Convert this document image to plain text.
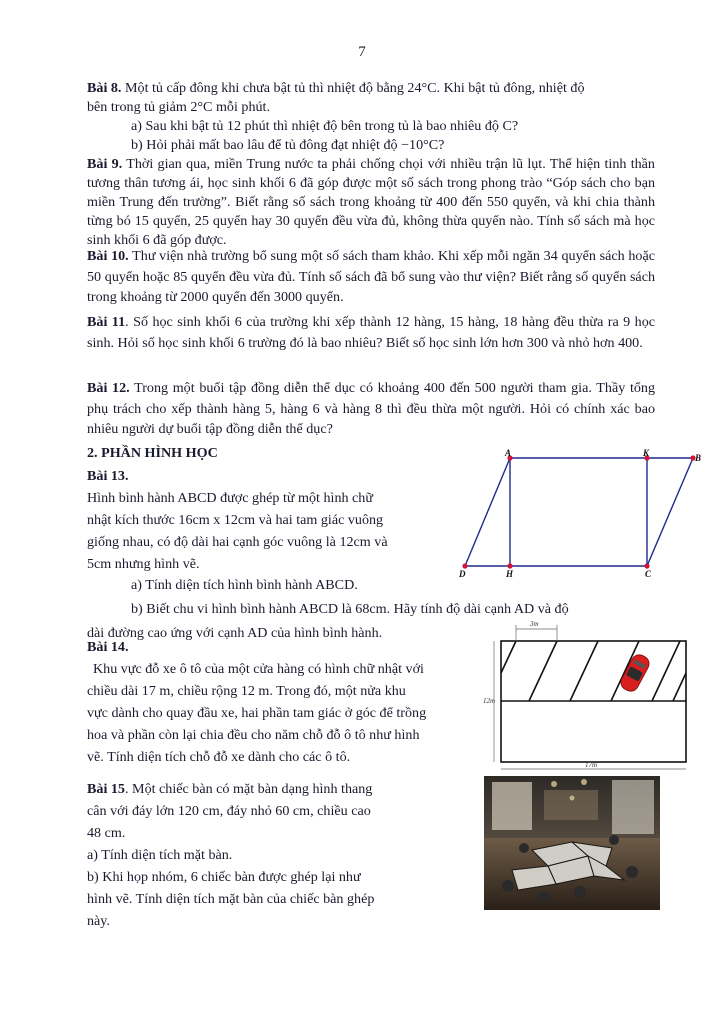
7
Bài 8. Một tủ cấp đông khi chưa bật tủ thì nhiệt độ bằng 24°C. Khi bật tủ đông, nhiệt độ
bên trong tủ giảm 2°C mỗi phút.
a) Sau khi bật tủ 12 phút thì nhiệt độ bên trong tủ là bao nhiêu độ C?
b) Hỏi phải mất bao lâu để tủ đông đạt nhiệt độ −10°C?
Bài 9. Thời gian qua, miền Trung nước ta phải chống chọi với nhiều trận lũ lụt. Thể hiện tinh thần tương thân tương ái, học sinh khối 6 đã góp được một số sách trong phong trào “Góp sách cho bạn miền Trung đến trường”. Biết rằng số sách trong khoảng từ 400 đến 550 quyển, và khi chia thành từng bó 15 quyển, 25 quyển hay 30 quyển đều vừa đủ, không thừa quyển nào. Tính số sách mà học sinh khối 6 đã góp được.
Bài 10. Thư viện nhà trường bổ sung một số sách tham khảo. Khi xếp mỗi ngăn 34 quyển sách hoặc 50 quyển hoặc 85 quyển đều vừa đủ. Tính số sách đã bổ sung vào thư viện? Biết rằng số quyển sách trong khoảng từ 2000 quyển đến 3000 quyển.
Bài 11. Số học sinh khối 6 của trường khi xếp thành 12 hàng, 15 hàng, 18 hàng đều thừa ra 9 học sinh. Hỏi số học sinh khối 6 trường đó là bao nhiêu? Biết số học sinh lớn hơn 300 và nhỏ hơn 400.
Bài 12. Trong một buổi tập đồng diễn thể dục có khoảng 400 đến 500 người tham gia. Thầy tổng phụ trách cho xếp thành hàng 5, hàng 6 và hàng 8 thì đều thừa một người. Hỏi có chính xác bao nhiêu người dự buổi tập đồng diễn thể dục?
2. PHẦN HÌNH HỌC
Bài 13.
Hình bình hành ABCD được ghép từ một hình chữ
nhật kích thước 16cm x 12cm và hai tam giác vuông
giống nhau, có độ dài hai cạnh góc vuông là 12cm và
5cm nhưng hình vẽ.
a) Tính diện tích hình bình hành ABCD.
b) Biết chu vi hình bình hành ABCD là 68cm. Hãy tính độ dài cạnh AD và độ
dài đường cao ứng với cạnh AD của hình bình hành.
A	K	B
D	H	C
Bài 14.
Khu vực đỗ xe ô tô của một cửa hàng có hình chữ nhật với
chiều dài 17 m, chiều rộng 12 m. Trong đó, một nửa khu
vực dành cho quay đầu xe, hai phần tam giác ở góc để trồng
hoa và phần còn lại chia đều cho năm chỗ đỗ ô tô như hình
vẽ. Tính diện tích chỗ đỗ xe dành cho các ô tô.
3m
12m
17m
Bài 15. Một chiếc bàn có mặt bàn dạng hình thang
cân với đáy lớn 120 cm, đáy nhỏ 60 cm, chiều cao
48 cm.
a) Tính diện tích mặt bàn.
b) Khi họp nhóm, 6 chiếc bàn được ghép lại như
hình vẽ. Tính diện tích mặt bàn của chiếc bàn ghép
này.
